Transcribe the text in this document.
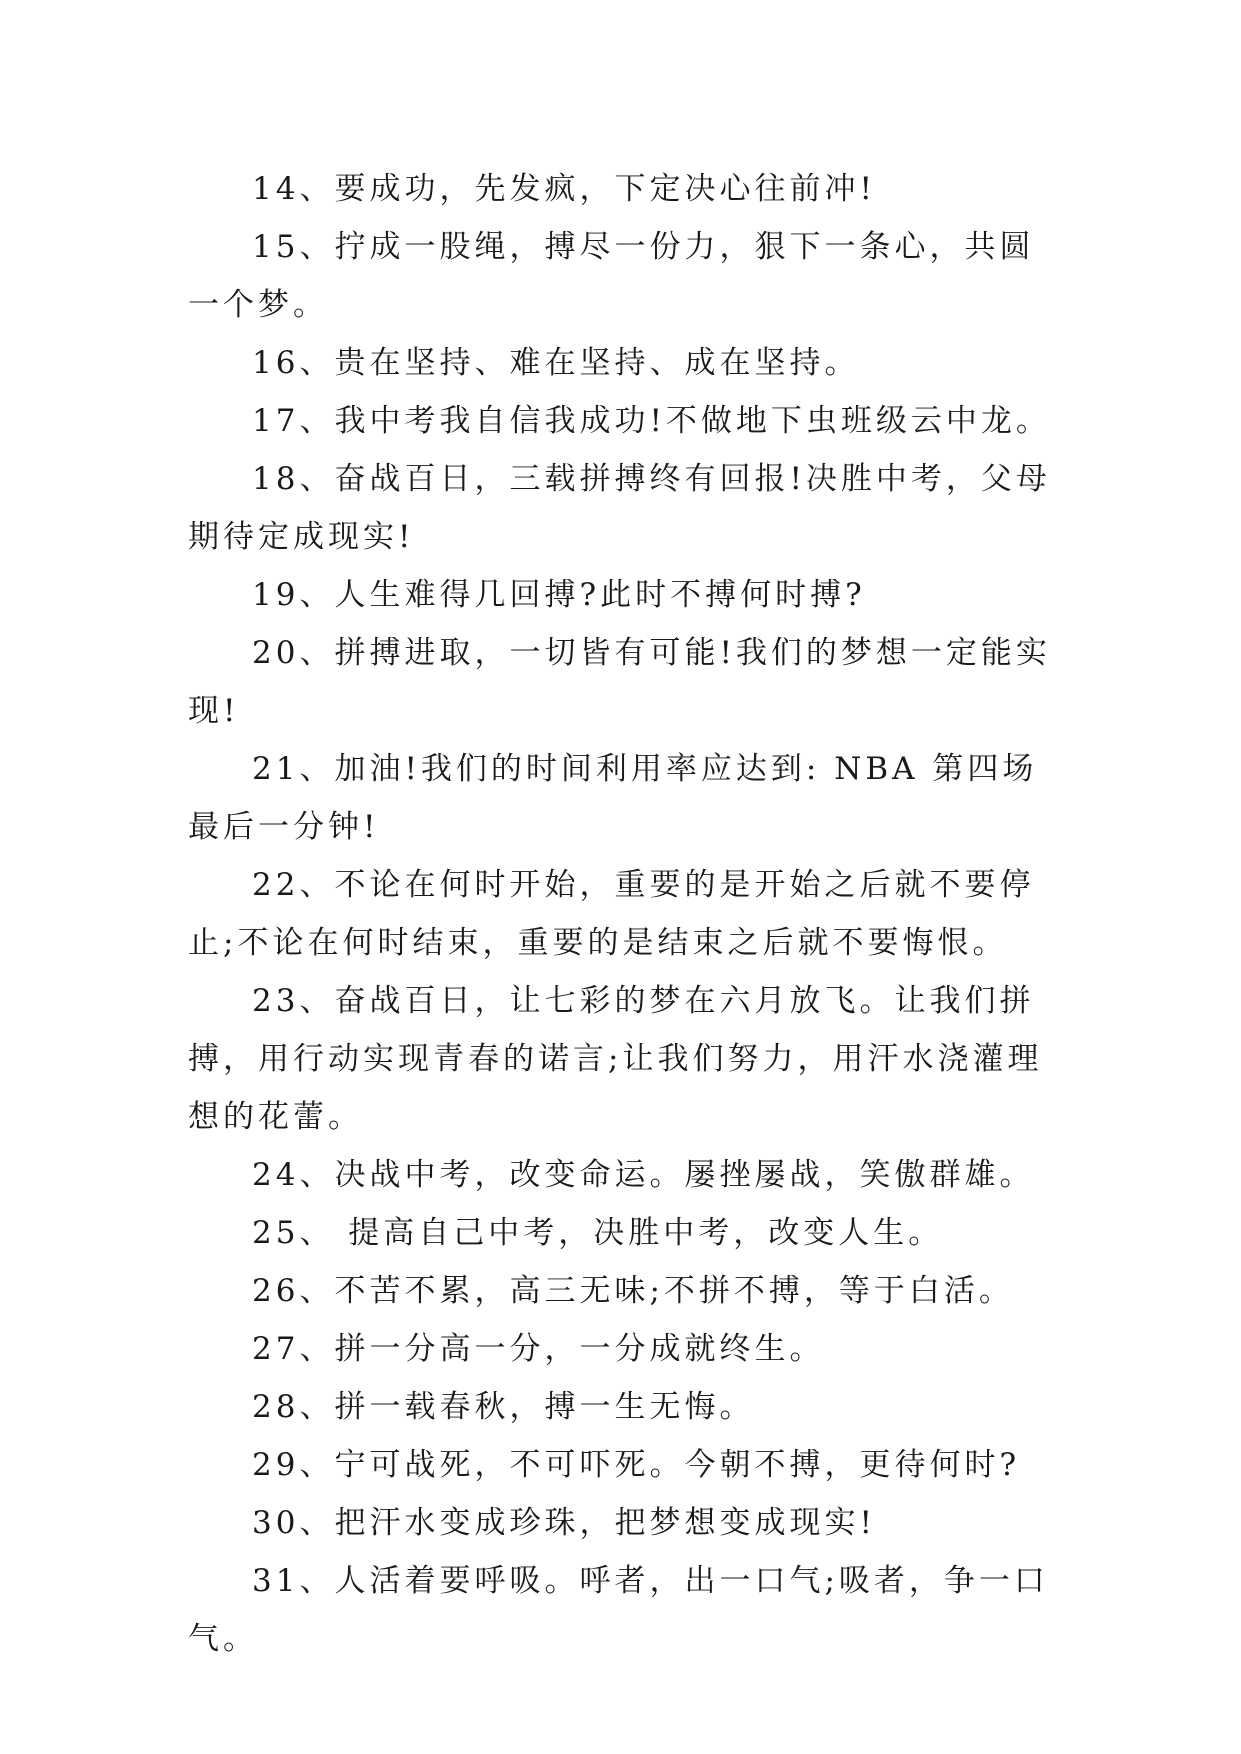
14、要成功，先发疯，下定决心往前冲!

15、拧成一股绳，搏尽一份力，狠下一条心，共圆一个梦。

16、贵在坚持、难在坚持、成在坚持。

17、我中考我自信我成功!不做地下虫班级云中龙。

18、奋战百日，三载拼搏终有回报!决胜中考，父母期待定成现实!

19、人生难得几回搏?此时不搏何时搏?

20、拼搏进取，一切皆有可能!我们的梦想一定能实现!

21、加油!我们的时间利用率应达到: NBA 第四场最后一分钟!

22、不论在何时开始，重要的是开始之后就不要停止;不论在何时结束，重要的是结束之后就不要悔恨。

23、奋战百日，让七彩的梦在六月放飞。让我们拼搏，用行动实现青春的诺言;让我们努力，用汗水浇灌理想的花蕾。

24、决战中考，改变命运。屡挫屡战，笑傲群雄。

25、 提高自己中考，决胜中考，改变人生。

26、不苦不累，高三无味;不拼不搏，等于白活。

27、拼一分高一分，一分成就终生。

28、拼一载春秋，搏一生无悔。

29、宁可战死，不可吓死。今朝不搏，更待何时?

30、把汗水变成珍珠，把梦想变成现实!

31、人活着要呼吸。呼者，出一口气;吸者，争一口气。
